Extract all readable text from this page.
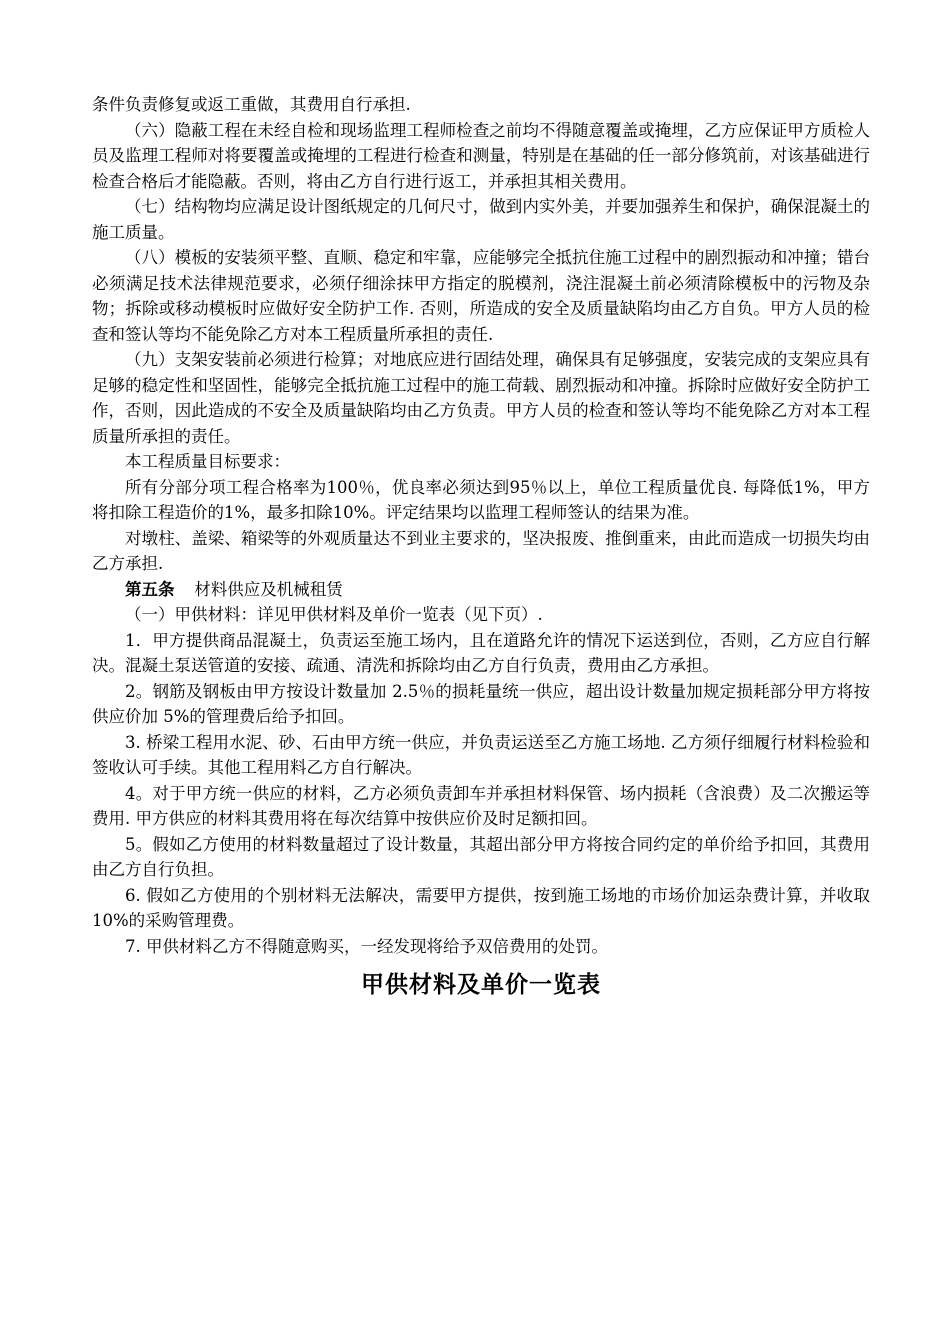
条件负责修复或返工重做，其费用自行承担.

（六）隐蔽工程在未经自检和现场监理工程师检查之前均不得随意覆盖或掩埋，乙方应保证甲方质检人员及监理工程师对将要覆盖或掩埋的工程进行检查和测量，特别是在基础的任一部分修筑前，对该基础进行检查合格后才能隐蔽。否则，将由乙方自行进行返工，并承担其相关费用。

（七）结构物均应满足设计图纸规定的几何尺寸，做到内实外美，并要加强养生和保护，确保混凝土的施工质量。

（八）模板的安装须平整、直顺、稳定和牢靠，应能够完全抵抗住施工过程中的剧烈振动和冲撞；错台必须满足技术法律规范要求，必须仔细涂抹甲方指定的脱模剂，浇注混凝土前必须清除模板中的污物及杂物；拆除或移动模板时应做好安全防护工作. 否则，所造成的安全及质量缺陷均由乙方自负。甲方人员的检查和签认等均不能免除乙方对本工程质量所承担的责任.

（九）支架安装前必须进行检算；对地底应进行固结处理，确保具有足够强度，安装完成的支架应具有足够的稳定性和坚固性，能够完全抵抗施工过程中的施工荷载、剧烈振动和冲撞。拆除时应做好安全防护工作，否则，因此造成的不安全及质量缺陷均由乙方负责。甲方人员的检查和签认等均不能免除乙方对本工程质量所承担的责任。

本工程质量目标要求：

所有分部分项工程合格率为100％，优良率必须达到95％以上，单位工程质量优良. 每降低1%，甲方将扣除工程造价的1%，最多扣除10%。评定结果均以监理工程师签认的结果为准。

对墩柱、盖梁、箱梁等的外观质量达不到业主要求的，坚决报废、推倒重来，由此而造成一切损失均由乙方承担.

第五条 材料供应及机械租赁

（一）甲供材料：详见甲供材料及单价一览表（见下页）.

1．甲方提供商品混凝土，负责运至施工场内，且在道路允许的情况下运送到位，否则，乙方应自行解决。混凝土泵送管道的安接、疏通、清洗和拆除均由乙方自行负责，费用由乙方承担。

2。钢筋及钢板由甲方按设计数量加 2.5％的损耗量统一供应，超出设计数量加规定损耗部分甲方将按供应价加 5%的管理费后给予扣回。

3. 桥梁工程用水泥、砂、石由甲方统一供应，并负责运送至乙方施工场地. 乙方须仔细履行材料检验和签收认可手续。其他工程用料乙方自行解决。

4。对于甲方统一供应的材料，乙方必须负责卸车并承担材料保管、场内损耗（含浪费）及二次搬运等费用. 甲方供应的材料其费用将在每次结算中按供应价及时足额扣回。

5。假如乙方使用的材料数量超过了设计数量，其超出部分甲方将按合同约定的单价给予扣回，其费用由乙方自行负担。

6. 假如乙方使用的个别材料无法解决，需要甲方提供，按到施工场地的市场价加运杂费计算，并收取 10%的采购管理费。

7. 甲供材料乙方不得随意购买，一经发现将给予双倍费用的处罚。

甲供材料及单价一览表
